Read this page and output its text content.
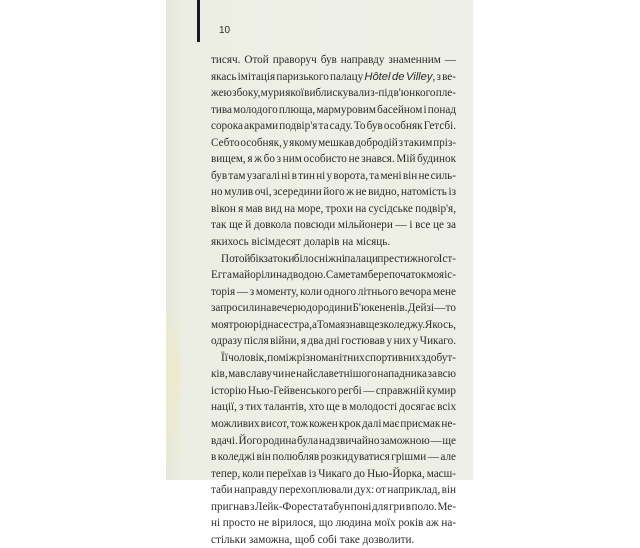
10
тисяч. Отой праворуч був направду знаменним —
якась імітація паризького палацу Hôtel de Villey, з ве-
жею збоку, мури якої виблискували з-під в'юнкого пле-
тива молодого плюща, мармуровим басейном і понад
сорока акрами подвір'я та саду. То був особняк Гетсбі.
Себто особняк, у якому мешкав добродій з таким пріз-
вищем, я ж бо з ним особисто не знався. Мій будинок
був там узагалі ні в тин ні у ворота, та мені він не силь-
но мулив очі, зсередини його ж не видно, натомість із
вікон я мав вид на море, трохи на сусідське подвір'я,
так ще й довкола повсюди мільйонери — і все це за
якихось вісімдесят доларів на місяць.
По той бік затоки білосніжні палаци престижного Іст-
Егга майоріли над водою. Саме там бере початок моя іс-
торія — з моменту, коли одного літнього вечора мене
запросили на вечерю до родини Б'юкененів. Дейзі — то
моя троюрідна сестра, а Тома я знав ще з коледжу. Якось,
одразу після війни, я два дні гостював у них у Чикаго.
Її чоловік, поміж різноманітних спортивних здобут-
ків, мав славу чи не найславетнішого нападника за всю
історію Нью-Гейвенського регбі — справжній кумир
нації, з тих талантів, хто ще в молодості досягає всіх
можливих висот, тож кожен крок далі має присмак не-
вдачі. Його родина була надзвичайно заможною — ще
в коледжі він полюбляв розкидуватися грішми — але
тепер, коли переїхав із Чикаго до Нью-Йорка, масш-
таби направду перехоплювали дух: от наприклад, він
пригнав з Лейк-Фореста табун поні для гри в поло. Ме-
ні просто не вірилося, що людина моїх років аж на-
стільки заможна, щоб собі таке дозволити.
